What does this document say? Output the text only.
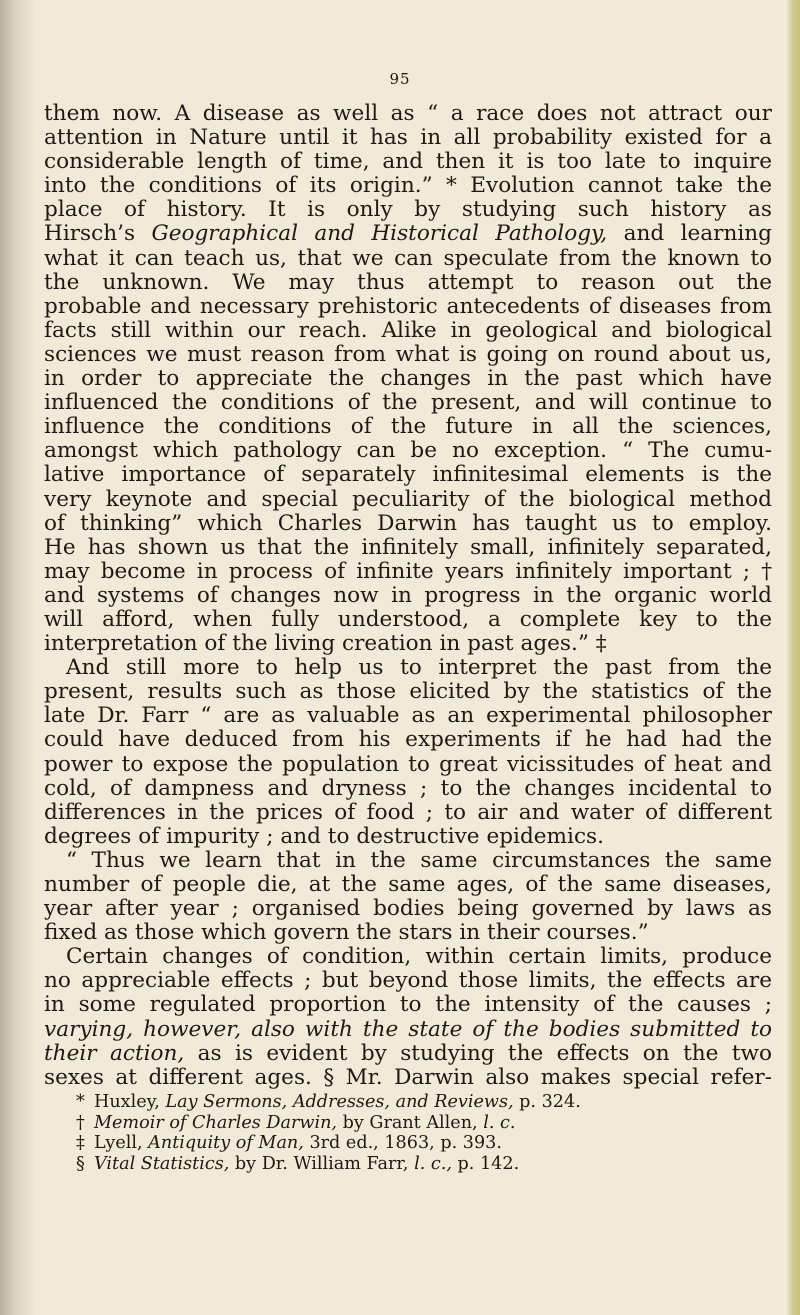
95
them now. A disease as well as “ a race does not attract our
attention in Nature until it has in all probability existed for a
considerable length of time, and then it is too late to inquire
into the conditions of its origin.” * Evolution cannot take the
place of history. It is only by studying such history as
Hirsch’s Geographical and Historical Pathology, and learning
what it can teach us, that we can speculate from the known to
the unknown. We may thus attempt to reason out the
probable and necessary prehistoric antecedents of diseases from
facts still within our reach. Alike in geological and biological
sciences we must reason from what is going on round about us,
in order to appreciate the changes in the past which have
influenced the conditions of the present, and will continue to
influence the conditions of the future in all the sciences,
amongst which pathology can be no exception. “ The cumu-
lative importance of separately infinitesimal elements is the
very keynote and special peculiarity of the biological method
of thinking” which Charles Darwin has taught us to employ.
He has shown us that the infinitely small, infinitely separated,
may become in process of infinite years infinitely important ; †
and systems of changes now in progress in the organic world
will afford, when fully understood, a complete key to the
interpretation of the living creation in past ages.” ‡
And still more to help us to interpret the past from the
present, results such as those elicited by the statistics of the
late Dr. Farr “ are as valuable as an experimental philosopher
could have deduced from his experiments if he had had the
power to expose the population to great vicissitudes of heat and
cold, of dampness and dryness ; to the changes incidental to
differences in the prices of food ; to air and water of different
degrees of impurity ; and to destructive epidemics.
“ Thus we learn that in the same circumstances the same
number of people die, at the same ages, of the same diseases,
year after year ; organised bodies being governed by laws as
fixed as those which govern the stars in their courses.”
Certain changes of condition, within certain limits, produce
no appreciable effects ; but beyond those limits, the effects are
in some regulated proportion to the intensity of the causes ;
varying, however, also with the state of the bodies submitted to
their action, as is evident by studying the effects on the two
sexes at different ages. § Mr. Darwin also makes special refer-
* Huxley, Lay Sermons, Addresses, and Reviews, p. 324.
† Memoir of Charles Darwin, by Grant Allen, l. c.
‡ Lyell, Antiquity of Man, 3rd ed., 1863, p. 393.
§ Vital Statistics, by Dr. William Farr, l. c., p. 142.
